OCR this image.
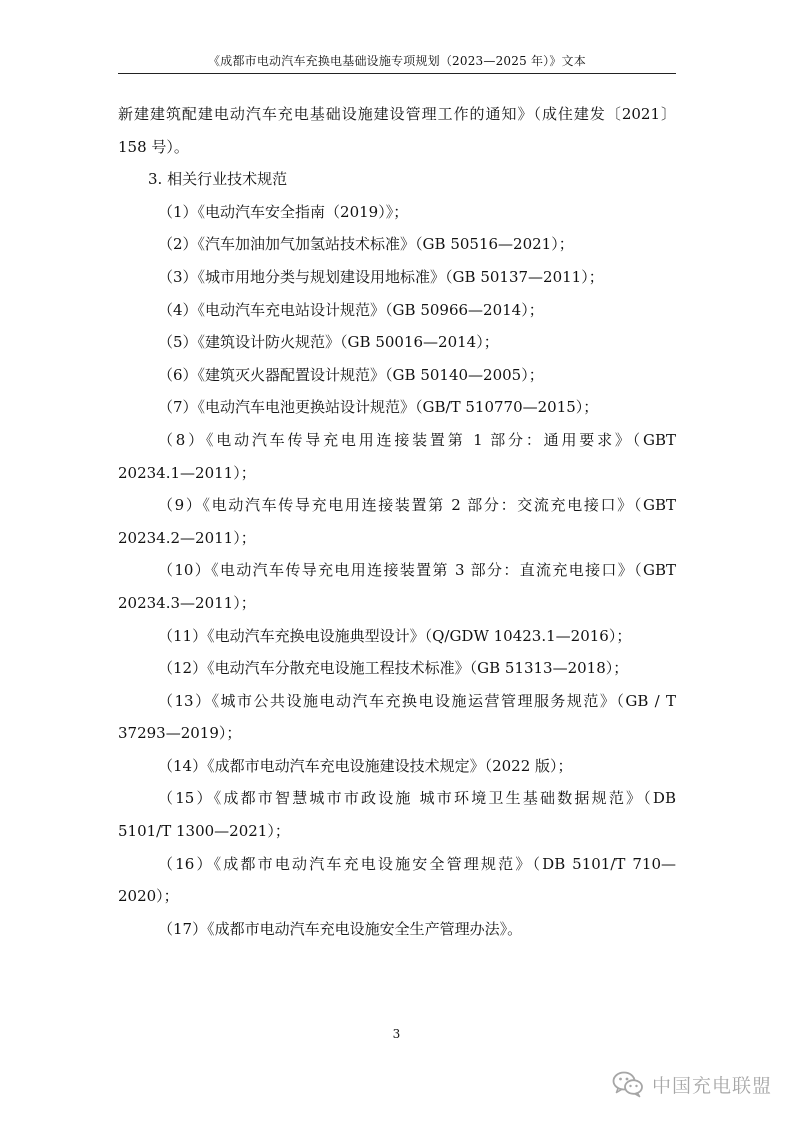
《成都市电动汽车充换电基础设施专项规划（2023—2025 年）》文本
新建建筑配建电动汽车充电基础设施建设管理工作的通知》（成住建发〔2021〕
158 号）。
3. 相关行业技术规范
（1）《电动汽车安全指南（2019）》；
（2）《汽车加油加气加氢站技术标准》（GB 50516—2021）；
（3）《城市用地分类与规划建设用地标准》（GB 50137—2011）；
（4）《电动汽车充电站设计规范》（GB 50966—2014）；
（5）《建筑设计防火规范》（GB 50016—2014）；
（6）《建筑灭火器配置设计规范》（GB 50140—2005）；
（7）《电动汽车电池更换站设计规范》（GB/T 510770—2015）；
（8）《电动汽车传导充电用连接装置第 1 部分：通用要求》（GBT
20234.1—2011）；
（9）《电动汽车传导充电用连接装置第 2 部分：交流充电接口》（GBT
20234.2—2011）；
（10）《电动汽车传导充电用连接装置第 3 部分：直流充电接口》（GBT
20234.3—2011）；
（11）《电动汽车充换电设施典型设计》（Q/GDW 10423.1—2016）；
（12）《电动汽车分散充电设施工程技术标准》（GB 51313—2018）；
（13）《城市公共设施电动汽车充换电设施运营管理服务规范》（GB / T
37293—2019）；
（14）《成都市电动汽车充电设施建设技术规定》（2022 版）；
（15）《成都市智慧城市市政设施 城市环境卫生基础数据规范》（DB
5101/T 1300—2021）；
（16）《成都市电动汽车充电设施安全管理规范》（DB 5101/T 710—
2020）；
（17）《成都市电动汽车充电设施安全生产管理办法》。
3
中国充电联盟
